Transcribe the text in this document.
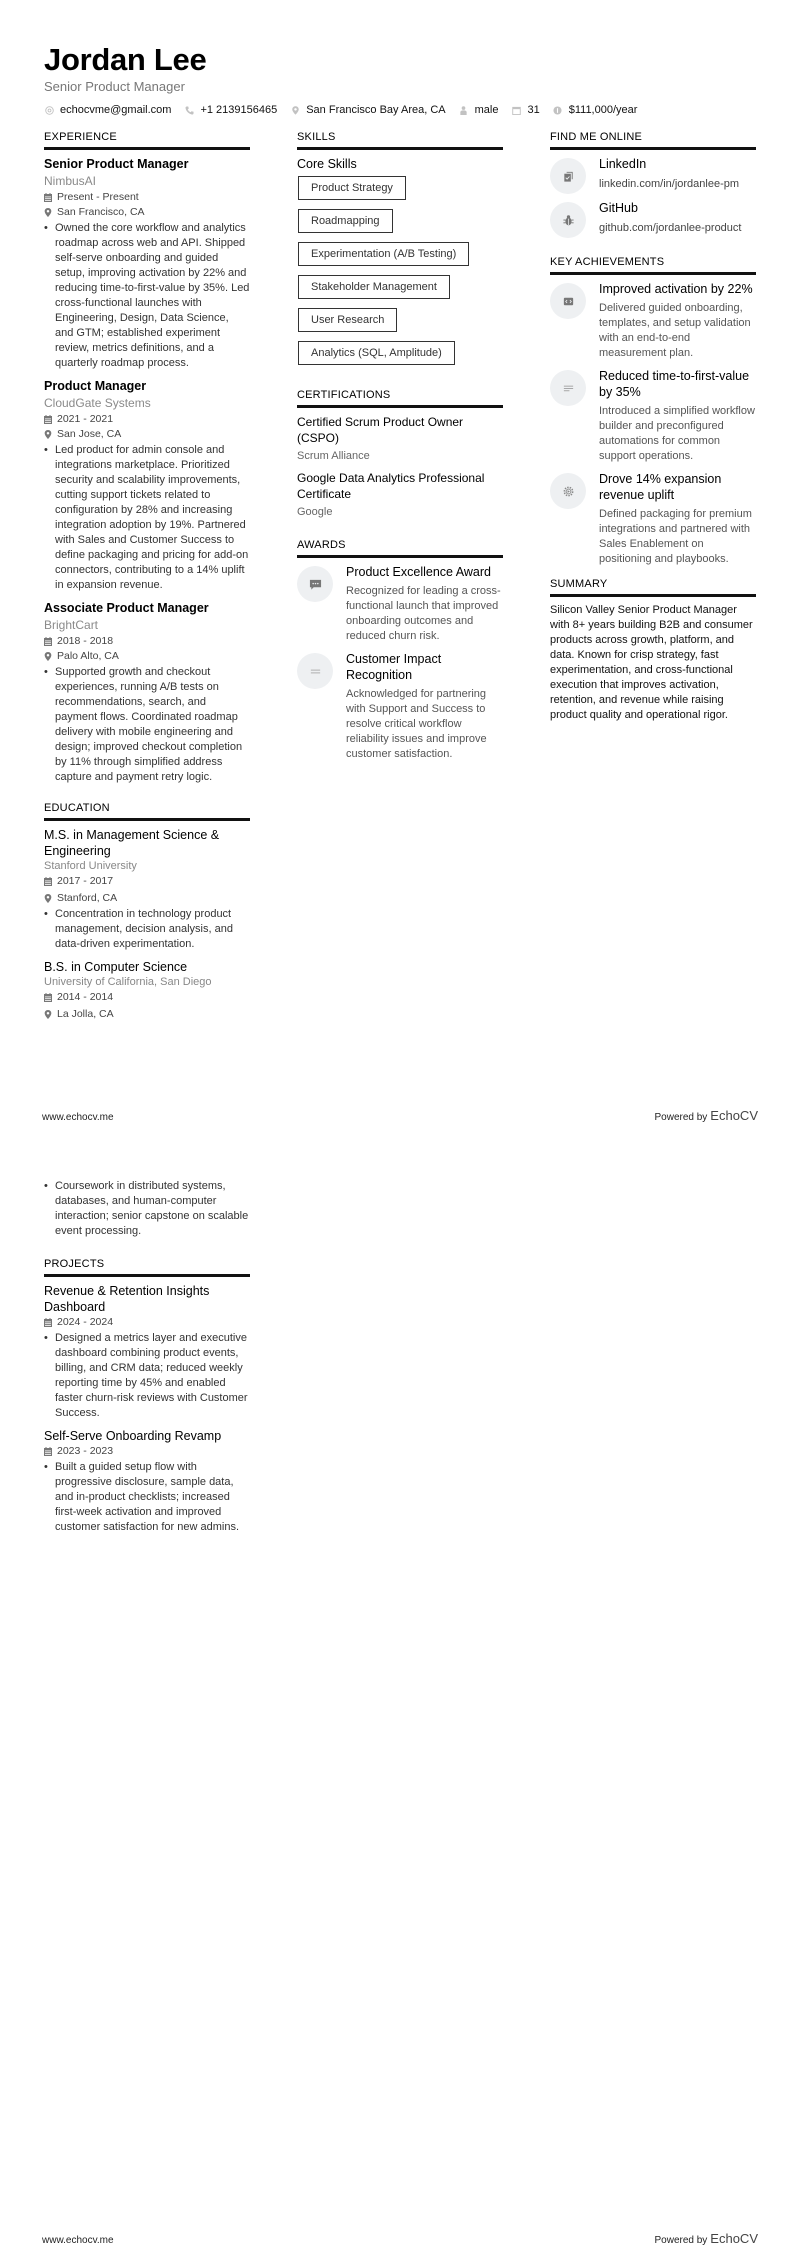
Jordan Lee
Senior Product Manager
echocvme@gmail.com	+1 2139156465	San Francisco Bay Area, CA	male	31	$111,000/year
EXPERIENCE
Senior Product Manager
NimbusAI
Present - Present
San Francisco, CA
• Owned the core workflow and analytics roadmap across web and API. Shipped self-serve onboarding and guided setup, improving activation by 22% and reducing time-to-first-value by 35%. Led cross-functional launches with Engineering, Design, Data Science, and GTM; established experiment review, metrics definitions, and a quarterly roadmap process.
Product Manager
CloudGate Systems
2021 - 2021
San Jose, CA
• Led product for admin console and integrations marketplace. Prioritized security and scalability improvements, cutting support tickets related to configuration by 28% and increasing integration adoption by 19%. Partnered with Sales and Customer Success to define packaging and pricing for add-on connectors, contributing to a 14% uplift in expansion revenue.
Associate Product Manager
BrightCart
2018 - 2018
Palo Alto, CA
• Supported growth and checkout experiences, running A/B tests on recommendations, search, and payment flows. Coordinated roadmap delivery with mobile engineering and design; improved checkout completion by 11% through simplified address capture and payment retry logic.
EDUCATION
M.S. in Management Science & Engineering
Stanford University
2017 - 2017
Stanford, CA
• Concentration in technology product management, decision analysis, and data-driven experimentation.
B.S. in Computer Science
University of California, San Diego
2014 - 2014
La Jolla, CA
SKILLS
Core Skills
Product Strategy
Roadmapping
Experimentation (A/B Testing)
Stakeholder Management
User Research
Analytics (SQL, Amplitude)
CERTIFICATIONS
Certified Scrum Product Owner (CSPO)
Scrum Alliance
Google Data Analytics Professional Certificate
Google
AWARDS
Product Excellence Award
Recognized for leading a cross-functional launch that improved onboarding outcomes and reduced churn risk.
Customer Impact Recognition
Acknowledged for partnering with Support and Success to resolve critical workflow reliability issues and improve customer satisfaction.
FIND ME ONLINE
LinkedIn
linkedin.com/in/jordanlee-pm
GitHub
github.com/jordanlee-product
KEY ACHIEVEMENTS
Improved activation by 22%
Delivered guided onboarding, templates, and setup validation with an end-to-end measurement plan.
Reduced time-to-first-value by 35%
Introduced a simplified workflow builder and preconfigured automations for common support operations.
Drove 14% expansion revenue uplift
Defined packaging for premium integrations and partnered with Sales Enablement on positioning and playbooks.
SUMMARY
Silicon Valley Senior Product Manager with 8+ years building B2B and consumer products across growth, platform, and data. Known for crisp strategy, fast experimentation, and cross-functional execution that improves activation, retention, and revenue while raising product quality and operational rigor.
www.echocv.me	Powered by EchoCV
• Coursework in distributed systems, databases, and human-computer interaction; senior capstone on scalable event processing.
PROJECTS
Revenue & Retention Insights Dashboard
2024 - 2024
• Designed a metrics layer and executive dashboard combining product events, billing, and CRM data; reduced weekly reporting time by 45% and enabled faster churn-risk reviews with Customer Success.
Self-Serve Onboarding Revamp
2023 - 2023
• Built a guided setup flow with progressive disclosure, sample data, and in-product checklists; increased first-week activation and improved customer satisfaction for new admins.
www.echocv.me	Powered by EchoCV
